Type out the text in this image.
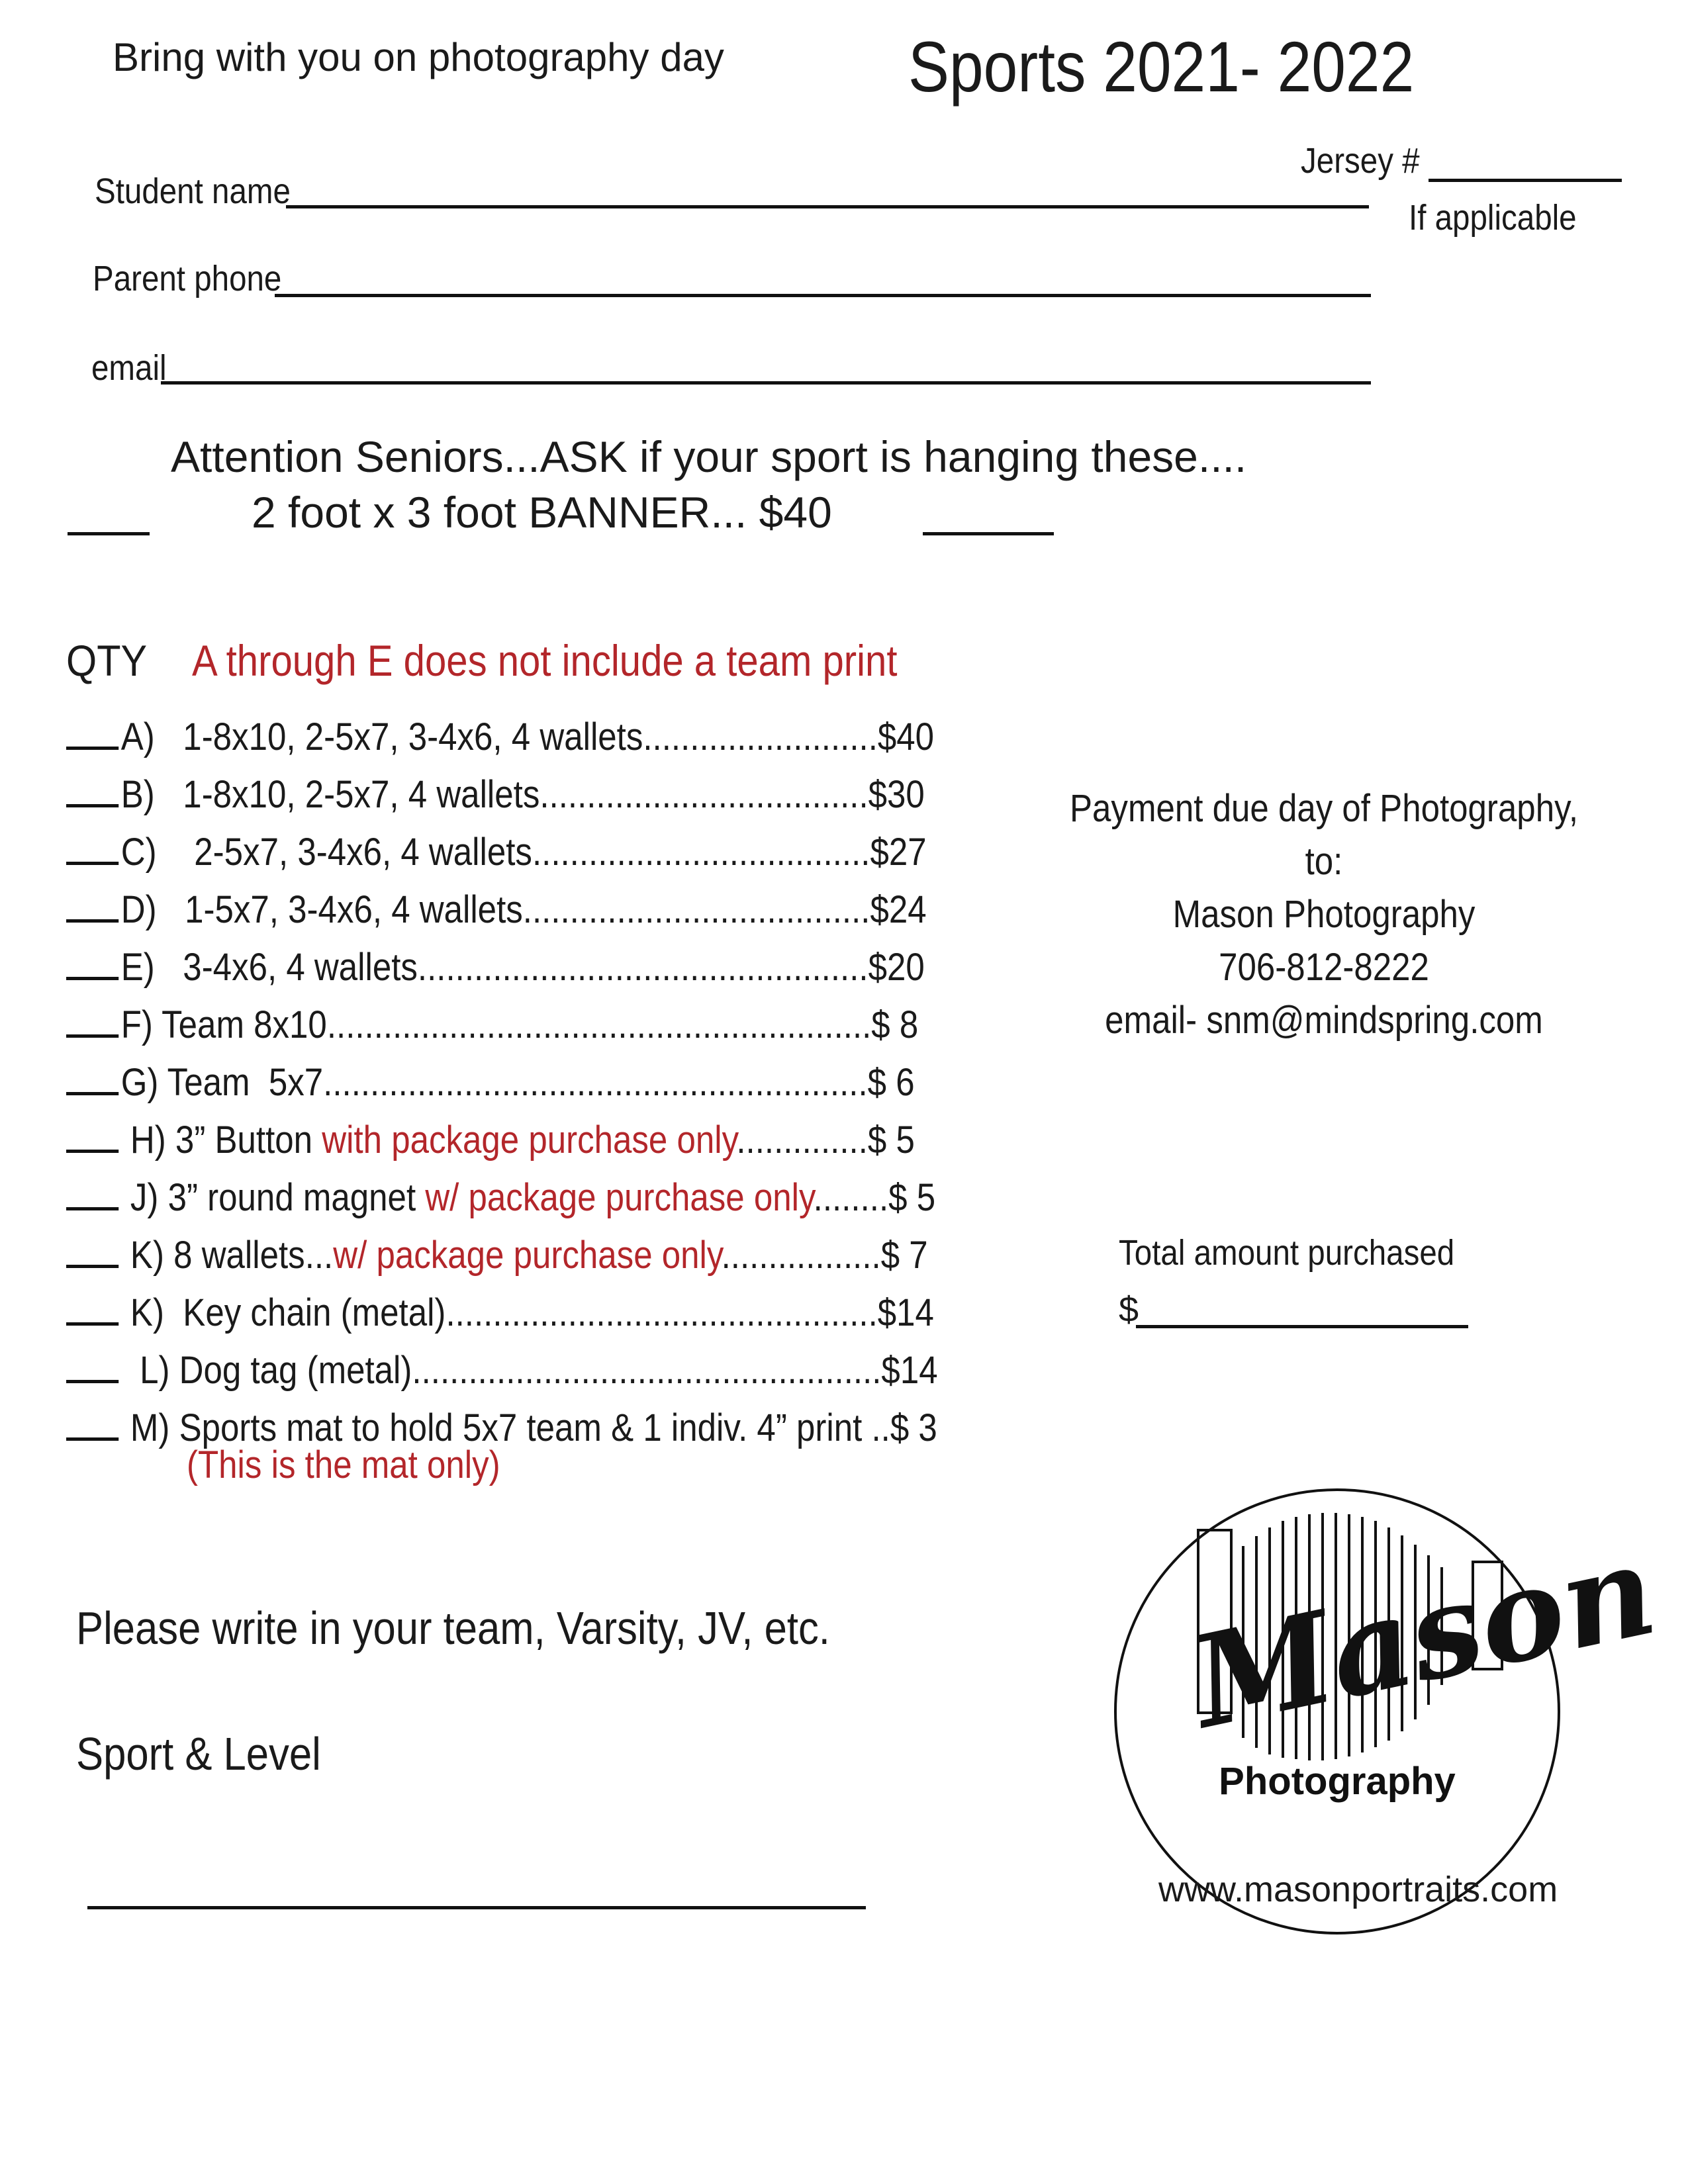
Bring with you on photography day	Sports 2021- 2022
Jersey #
If applicable
Student name
Parent phone
email
Attention Seniors...ASK if your sport is hanging these....
2 foot x 3 foot BANNER... $40
QTY A through E does not include a team print
A)   1-8x10, 2-5x7, 3-4x6, 4 wallets.........................$40
B)   1-8x10, 2-5x7, 4 wallets...................................$30
C)    2-5x7, 3-4x6, 4 wallets....................................$27
D)   1-5x7, 3-4x6, 4 wallets.....................................$24
E)   3-4x6, 4 wallets................................................$20
F) Team 8x10..........................................................$ 8
G) Team  5x7..........................................................$ 6
H) 3” Button with package purchase only..............$ 5
J) 3” round magnet w/ package purchase only........$ 5
K) 8 wallets...w/ package purchase only.................$ 7
K)  Key chain (metal)..............................................$14
L) Dog tag (metal)..................................................$14
M) Sports mat to hold 5x7 team & 1 indiv. 4” print ..$ 3
(This is the mat only)
Payment due day of Photography, to:
Mason Photography
706-812-8222
email- snm@mindspring.com
Total amount purchased
$
Please write in your team, Varsity, JV, etc.
Sport & Level	Mason
Photography
www.masonportraits.com
